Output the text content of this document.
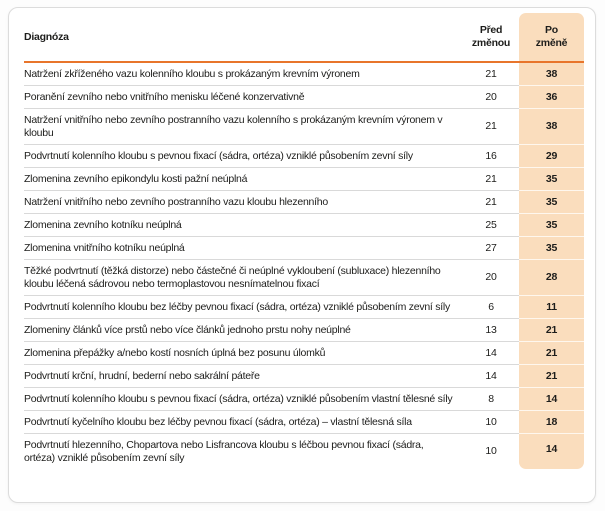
Diagnóza	Před změnou	Po změně
Natržení zkříženého vazu kolenního kloubu s prokázaným krevním výronem	21	38
Poranění zevního nebo vnitřního menisku léčené konzervativně	20	36
Natržení vnitřního nebo zevního postranního vazu kolenního s prokázaným krevním výronem v kloubu	21	38
Podvrtnutí kolenního kloubu s pevnou fixací (sádra, ortéza) vzniklé působením zevní síly	16	29
Zlomenina zevního epikondylu kosti pažní neúplná	21	35
Natržení vnitřního nebo zevního postranního vazu kloubu hlezenního	21	35
Zlomenina zevního kotníku neúplná	25	35
Zlomenina vnitřního kotníku neúplná	27	35
Těžké podvrtnutí (těžká distorze) nebo částečné či neúplné vykloubení (subluxace) hlezenního kloubu léčená sádrovou nebo termoplastovou nesnímatelnou fixací	20	28
Podvrtnutí kolenního kloubu bez léčby pevnou fixací (sádra, ortéza) vzniklé působením zevní síly	6	11
Zlomeniny článků více prstů nebo více článků jednoho prstu nohy neúplné	13	21
Zlomenina přepážky a/nebo kostí nosních úplná bez posunu úlomků	14	21
Podvrtnutí krční, hrudní, bederní nebo sakrální páteře	14	21
Podvrtnutí kolenního kloubu s pevnou fixací (sádra, ortéza) vzniklé působením vlastní tělesné síly	8	14
Podvrtnutí kyčelního kloubu bez léčby pevnou fixací (sádra, ortéza) – vlastní tělesná síla	10	18
Podvrtnutí hlezenního, Chopartova nebo Lisfrancova kloubu s léčbou pevnou fixací (sádra, ortéza) vzniklé působením zevní síly	10	14
